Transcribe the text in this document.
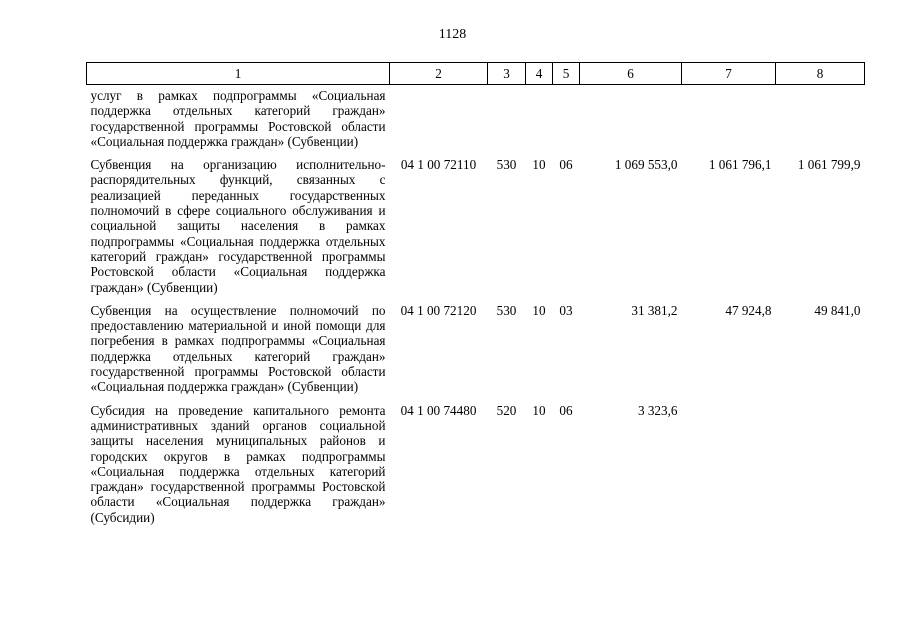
1128
1	2	3	4	5	6	7	8
услуг в рамках подпрограммы «Социальная поддержка отдельных категорий граждан» государственной программы Ростовской области «Социальная поддержка граждан» (Субвенции)							
Субвенция на организацию исполнительно-распорядительных функций, связанных с реализацией переданных государственных полномочий в сфере социального обслуживания и социальной защиты населения в рамках подпрограммы «Социальная поддержка отдельных категорий граждан» государственной программы Ростовской области «Социальная поддержка граждан» (Субвенции)	04 1 00 72110	530	10	06	1 069 553,0	1 061 796,1	1 061 799,9
Субвенция на осуществление полномочий по предоставлению материальной и иной помощи для погребения в рамках подпрограммы «Социальная поддержка отдельных категорий граждан» государственной программы Ростовской области «Социальная поддержка граждан» (Субвенции)	04 1 00 72120	530	10	03	31 381,2	47 924,8	49 841,0
Субсидия на проведение капитального ремонта административных зданий органов социальной защиты населения муниципальных районов и городских округов в рамках подпрограммы «Социальная поддержка отдельных категорий граждан» государственной программы Ростовской области «Социальная поддержка граждан» (Субсидии)	04 1 00 74480	520	10	06	3 323,6		
